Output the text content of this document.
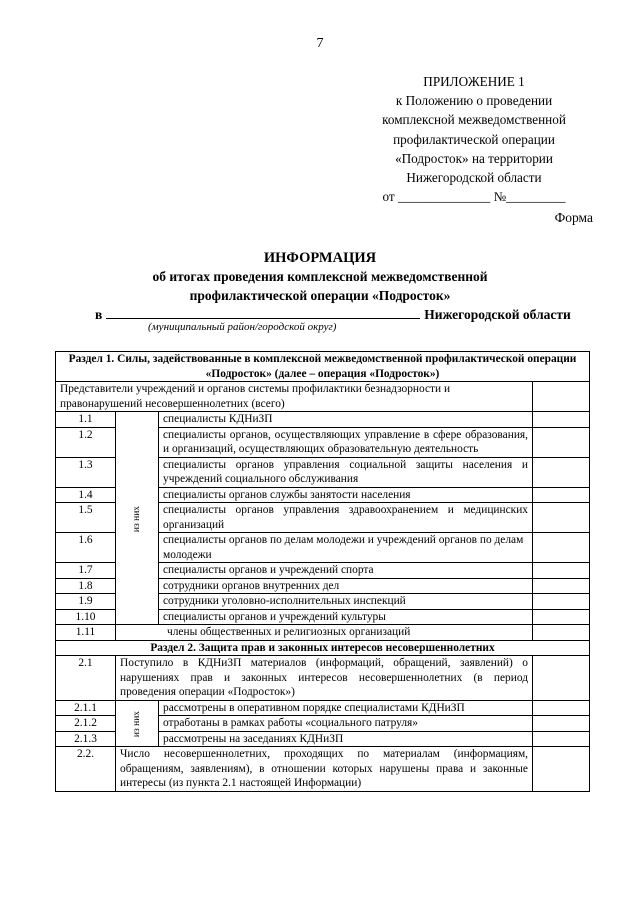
7
ПРИЛОЖЕНИЕ 1
к Положению о проведении
комплексной межведомственной
профилактической операции
«Подросток» на территории
Нижегородской области
от ______________ №_________
Форма
ИНФОРМАЦИЯ
об итогах проведения комплексной межведомственной
профилактической операции «Подросток»
в	Нижегородской области
(муниципальный район/городской округ)
Раздел 1. Силы, задействованные в комплексной межведомственной профилактической операции «Подросток» (далее – операция «Подросток»)			
Представители учреждений и органов системы профилактики безнадзорности и правонарушений несовершеннолетних (всего)			
1.1	из них	специалисты КДНиЗП	
1.2		специалисты органов, осуществляющих управление в сфере образования, и организаций, осуществляющих образовательную деятельность	
1.3		специалисты органов управления социальной защиты населения и учреждений социального обслуживания	
1.4		специалисты органов службы занятости населения	
1.5		специалисты органов управления здравоохранением и медицинских организаций	
1.6		специалисты органов по делам молодежи и учреждений органов по делам молодежи	
1.7		специалисты органов и учреждений спорта	
1.8		сотрудники органов внутренних дел	
1.9		сотрудники уголовно-исполнительных инспекций	
1.10		специалисты органов и учреждений культуры	
1.11	члены общественных и религиозных организаций		
Раздел 2. Защита прав и законных интересов несовершеннолетних			
2.1	Поступило в КДНиЗП материалов (информаций, обращений, заявлений) о нарушениях прав и законных интересов несовершеннолетних (в период проведения операции «Подросток»)		
2.1.1	из них	рассмотрены в оперативном порядке специалистами КДНиЗП	
2.1.2		отработаны в рамках работы «социального патруля»	
2.1.3		рассмотрены на заседаниях КДНиЗП	
2.2.	Число несовершеннолетних, проходящих по материалам (информациям, обращениям, заявлениям), в отношении которых нарушены права и законные интересы (из пункта 2.1 настоящей Информации)		
